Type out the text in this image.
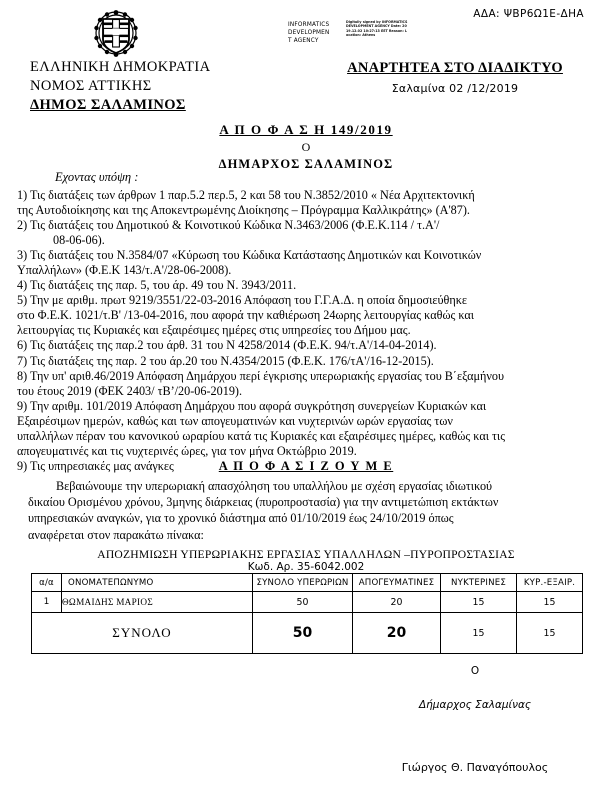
ΕΛΛΗΝΙΚΗ ΔΗΜΟΚΡΑΤΙΑ
ΝΟΜΟΣ ΑΤΤΙΚΗΣ
ΔΗΜΟΣ ΣΑΛΑΜΙΝΟΣ
ΑΔΑ: ΨΒΡ6Ω1Ε-ΔΗΑ
INFORMATICS
DEVELOPMEN
T AGENCY
Digitally signed by INFORMATICS DEVELOPMENT AGENCY Date: 2019.12.02 10:27:13 EET Reason: Location: Athens
ΑΝΑΡΤΗΤΕΑ ΣΤΟ ΔΙΑΔΙΚΤΥΟ
Σαλαμίνα 02 /12/2019
Α Π Ο Φ Α Σ Η 149/2019
Ο
ΔΗΜΑΡΧΟΣ ΣΑΛΑΜΙΝΟΣ
Εχοντας υπόψη :

1) Τις διατάξεις των άρθρων 1 παρ.5.2 περ.5, 2 και 58 του Ν.3852/2010 « Νέα Αρχιτεκτονική

της Αυτοδιοίκησης και της Αποκεντρωμένης Διοίκησης – Πρόγραμμα Καλλικράτης» (Α'87).

2) Τις διατάξεις του Δημοτικού & Κοινοτικού Κώδικα Ν.3463/2006 (Φ.Ε.Κ.114 / τ.Α'/

08-06-06).

3) Τις διατάξεις του Ν.3584/07 «Κύρωση του Κώδικα Κατάστασης Δημοτικών και Κοινοτικών

Υπαλλήλων» (Φ.Ε.Κ 143/τ.Α'/28-06-2008).

4) Τις διατάξεις της παρ. 5, του άρ. 49 του Ν. 3943/2011.

5) Την με αριθμ. πρωτ 9219/3551/22-03-2016 Απόφαση του Γ.Γ.Α.Δ. η οποία δημοσιεύθηκε

στο Φ.Ε.Κ. 1021/τ.Β' /13-04-2016, που αφορά την καθιέρωση 24ωρης λειτουργίας καθώς και

λειτουργίας τις Κυριακές και εξαιρέσιμες ημέρες στις υπηρεσίες του Δήμου μας.

6) Τις διατάξεις της παρ.2 του άρθ. 31 του Ν 4258/2014 (Φ.Ε.Κ. 94/τ.Α'/14-04-2014).

7) Τις διατάξεις της παρ. 2 του άρ.20 του Ν.4354/2015 (Φ.Ε.Κ. 176/τΑ'/16-12-2015).

8) Την υπ' αριθ.46/2019 Απόφαση Δημάρχου περί έγκρισης υπερωριακής εργασίας του Β΄εξαμήνου

του έτους 2019 (ΦΕΚ 2403/ τΒ’/20-06-2019).

9) Την αριθμ. 101/2019 Απόφαση Δημάρχου που αφορά συγκρότηση συνεργείων Κυριακών και

Εξαιρέσιμων ημερών, καθώς και των απογευματινών και νυχτερινών ωρών εργασίας των

υπαλλήλων πέραν του κανονικού ωραρίου κατά τις Κυριακές και εξαιρέσιμες ημέρες, καθώς και τις

απογευματινές και τις νυχτερινές ώρες, για τον μήνα Οκτώβριο 2019.

9) Τις υπηρεσιακές μας ανάγκες	Α Π Ο Φ Α Σ Ι Ζ Ο Υ Μ Ε

Βεβαιώνουμε την υπερωριακή απασχόληση του υπαλλήλου με σχέση εργασίας ιδιωτικού

δικαίου Ορισμένου χρόνου, 3μηνης διάρκειας (πυροπροστασία) για την αντιμετώπιση εκτάκτων

υπηρεσιακών αναγκών, για το χρονικό διάστημα από 01/10/2019 έως 24/10/2019 όπως

αναφέρεται στον παρακάτω πίνακα:

ΑΠΟΖΗΜΙΩΣΗ ΥΠΕΡΩΡΙΑΚΗΣ ΕΡΓΑΣΙΑΣ ΥΠΑΛΛΗΛΩΝ –ΠΥΡΟΠΡΟΣΤΑΣΙΑΣ
Κωδ. Αρ. 35-6042.002
α/α	ΟΝΟΜΑΤΕΠΩΝΥΜΟ	ΣΥΝΟΛΟ ΥΠΕΡΩΡΙΩΝ	ΑΠΟΓΕΥΜΑΤΙΝΕΣ	ΝΥΚΤΕΡΙΝΕΣ	ΚΥΡ.-ΕΞΑΙΡ.
1	ΘΩΜΑΙΔΗΣ ΜΑΡΙΟΣ	50	20	15	15
ΣΥΝΟΛΟ		50	20	15	15
Ο
Δήμαρχος Σαλαμίνας
Γιώργος Θ. Παναγόπουλος
